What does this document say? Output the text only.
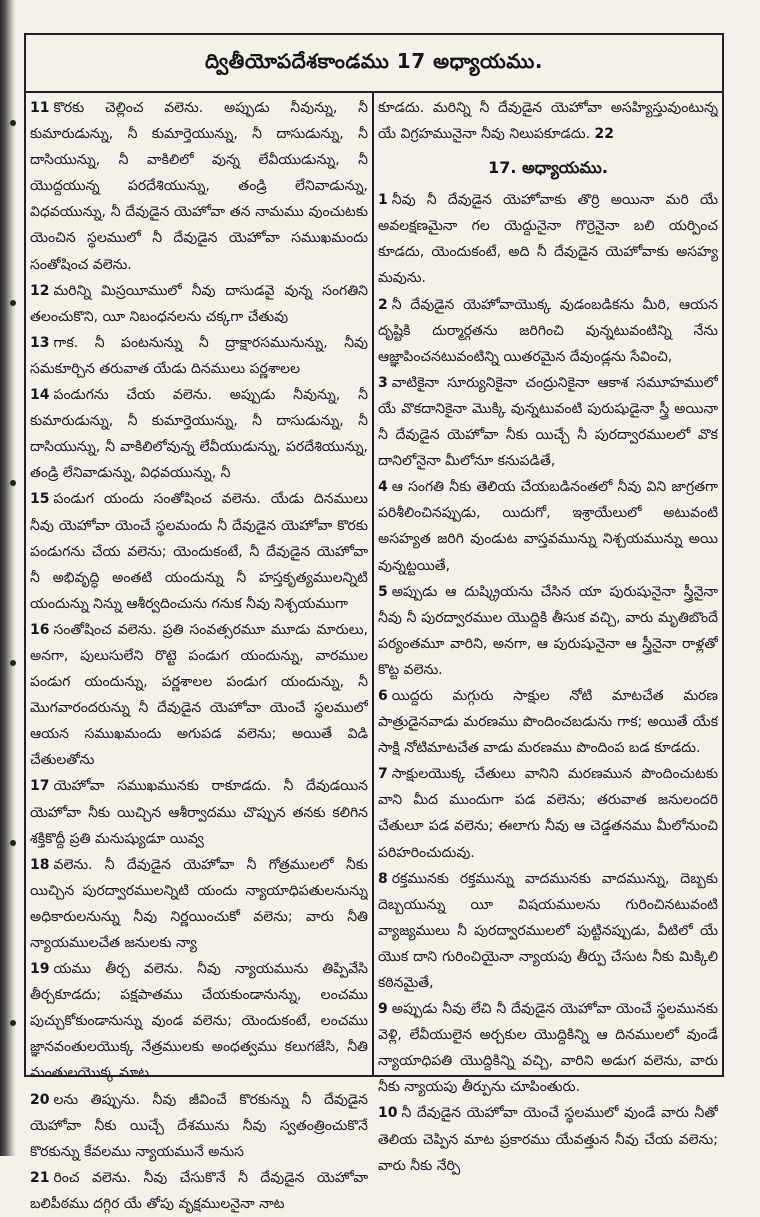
ద్వితీయోపదేశకాండము 17 అధ్యాయము.

11 కొరకు చెల్లించ వలెను. అప్పుడు నీవున్ను, నీ కుమారుడున్ను, నీ కుమార్తెయున్ను, నీ దాసుడున్ను, నీ దాసియున్ను, నీ వాకిలిలో వున్న లేవీయుడున్ను, నీ యొద్దయున్న పరదేశియున్ను, తండ్రి లేనివాడున్ను, విధవయున్ను, నీ దేవుడైన యెహోవా తన నామము వుంచుటకు యెంచిన స్థలములో నీ దేవుడైన యెహోవా సముఖమందు సంతోషించ వలెను.

12 మరిన్ని మిస్రయీములో నీవు దాసుడవై వున్న సంగతిని తలంచుకొని, యీ నిబంధనలను చక్కగా చేతువు

13 గాక. నీ పంటనున్ను నీ ద్రాక్షారసమునున్ను, నీవు సమకూర్చిన తరువాత యేడు దినములు పర్ణశాలల

14 పండుగను చేయ వలెను. అప్పుడు నీవున్ను, నీ కుమారుడున్ను, నీ కుమార్తెయున్ను, నీ దాసుడున్ను, నీ దాసియున్ను, నీ వాకిలిలోవున్న లేవీయుడున్ను, పరదేశియున్ను, తండ్రి లేనివాడున్ను, విధవయున్ను, నీ

15 పండుగ యందు సంతోషించ వలెను. యేడు దినములు నీవు యెహోవా యెంచే స్థలమందు నీ దేవుడైన యెహోవా కొరకు పండుగను చేయ వలెను; యెందుకంటే, నీ దేవుడైన యెహోవా నీ అభివృద్ధి అంతటి యందున్ను నీ హస్తకృత్యములన్నిటి యందున్ను నిన్ను ఆశీర్వదించును గనుక నీవు నిశ్చయముగా

16 సంతోషించ వలెను. ప్రతి సంవత్సరమూ మూడు మారులు, అనగా, పులుసులేని రొట్టె పండుగ యందున్ను, వారముల పండుగ యందున్ను, పర్ణశాలల పండుగ యందున్ను, నీ మొగవారందరున్ను నీ దేవుడైన యెహోవా యెంచే స్థలములో ఆయన సముఖమందు అగుపడ వలెను; అయితే విడి చేతులతోను

17 యెహోవా సముఖమునకు రాకూడదు. నీ దేవుడయిన యెహోవా నీకు యిచ్చిన ఆశీర్వాదము చొప్పున తనకు కలిగిన శక్తికొద్దీ ప్రతి మనుష్యుడూ యివ్వ

18 వలెను. నీ దేవుడైన యెహోవా నీ గోత్రములలో నీకు యిచ్చిన పురద్వారములన్నిటి యందు న్యాయాధిపతులనున్ను అధికారులనున్ను నీవు నిర్ణయించుకో వలెను; వారు నీతి న్యాయములచేత జనులకు న్యా

19 యము తీర్చ వలెను. నీవు న్యాయమును తిప్పివేసి తీర్చకూడదు; పక్షపాతము చేయకుండానున్ను, లంచము పుచ్చుకోకుండానున్ను వుండ వలెను; యెందుకంటే, లంచము జ్ఞానవంతులయొక్క నేత్రములకు అంధత్వము కలుగజేసి, నీతి మంతులయొక్క మాట

20 లను తిప్పును. నీవు జీవించే కొరకున్ను నీ దేవుడైన యెహోవా నీకు యిచ్చే దేశమును నీవు స్వతంత్రించుకొనే కొరకున్ను కేవలము న్యాయమునే అనుస

21 రించ వలెను. నీవు చేసుకొనే నీ దేవుడైన యెహోవా బలిపీఠము దగ్గిర యే తోపు వృక్షములనైనా నాట

కూడదు. మరిన్ని నీ దేవుడైన యెహోవా అసహ్యిస్తువుంటున్న యే విగ్రహమునైనా నీవు నిలుపకూడదు. 22

17. అధ్యాయము.

1 నీవు నీ దేవుడైన యెహోవాకు తొర్రి అయినా మరి యే అవలక్షణమైనా గల యెద్దునైనా గొర్రెనైనా బలి యర్పించ కూడదు, యెందుకంటే, అది నీ దేవుడైన యెహోవాకు అసహ్య మవును.

2 నీ దేవుడైన యెహోవాయొక్క వుడంబడికను మీరి, ఆయన దృష్టికి దుర్మార్గతను జరిగించి వున్నటువంటిన్ని నేను ఆజ్ఞాపించనటువంటిన్ని యితరమైన దేవుండ్లను సేవించి,

3 వాటికైనా సూర్యునికైనా చంద్రునికైనా ఆకాశ సమూహములో యే వొకదానికైనా మొక్కి వున్నటువంటి పురుషుడైనా స్త్రీ అయినా నీ దేవుడైన యెహోవా నీకు యిచ్చే నీ పురద్వారములలో వొక దానిలోనైనా మీలోనూ కనుపడితే,

4 ఆ సంగతి నీకు తెలియ చేయబడినంతలో నీవు విని జాగ్రతగా పరిశీలించినప్పుడు, యిదుగో, ఇశ్రాయేలులో అటువంటి అసహ్యత జరిగి వుండుట వాస్తవమున్ను నిశ్చయమున్ను అయి వున్నట్టయితే,

5 అప్పుడు ఆ దుష్క్రియను చేసిన యా పురుషునైనా స్త్రీనైనా నీవు నీ పురద్వారముల యొద్దికి తీసుక వచ్చి, వారు మృతిబొందే పర్యంతమూ వారిని, అనగా, ఆ పురుషునైనా ఆ స్త్రీనైనా రాళ్లతో కొట్ట వలెను.

6 యిద్దరు మగ్గురు సాక్షుల నోటి మాటచేత మరణ పాత్రుడైనవాడు మరణము పొందించబడును గాక; అయితే యేక సాక్షి నోటిమాటచేత వాడు మరణము పొందింప బడ కూడదు.

7 సాక్షులయొక్క చేతులు వానిని మరణమున పొందించుటకు వాని మీద ముందుగా పడ వలెను; తరువాత జనులందరి చేతులూ పడ వలెను; ఈలాగు నీవు ఆ చెడ్డతనము మీలోనుంచి పరిహరించుదువు.

8 రక్తమునకు రక్తమున్ను వాదమునకు వాదమున్ను, దెబ్బకు దెబ్బయున్ను యీ విషయములను గురించినటువంటి వ్యాజ్యములు నీ పురద్వారములలో పుట్టినప్పుడు, వీటిలో యే యొక దాని గురించియైనా న్యాయపు తీర్పు చేసుట నీకు మిక్కిలి కఠినమైతే,

9 అప్పుడు నీవు లేచి నీ దేవుడైన యెహోవా యెంచే స్థలమునకు వెళ్లి, లేవీయులైన అర్చకుల యొద్దికిన్ని ఆ దినములలో వుండే న్యాయాధిపతి యొద్దికిన్ని వచ్చి, వారిని అడుగ వలెను, వారు నీకు న్యాయపు తీర్పును చూపింతురు.

10 నీ దేవుడైన యెహోవా యెంచే స్థలములో వుండే వారు నీతో తెలియ చెప్పిన మాట ప్రకారము యేవత్తున నీవు చేయ వలెను; వారు నీకు నేర్పి
